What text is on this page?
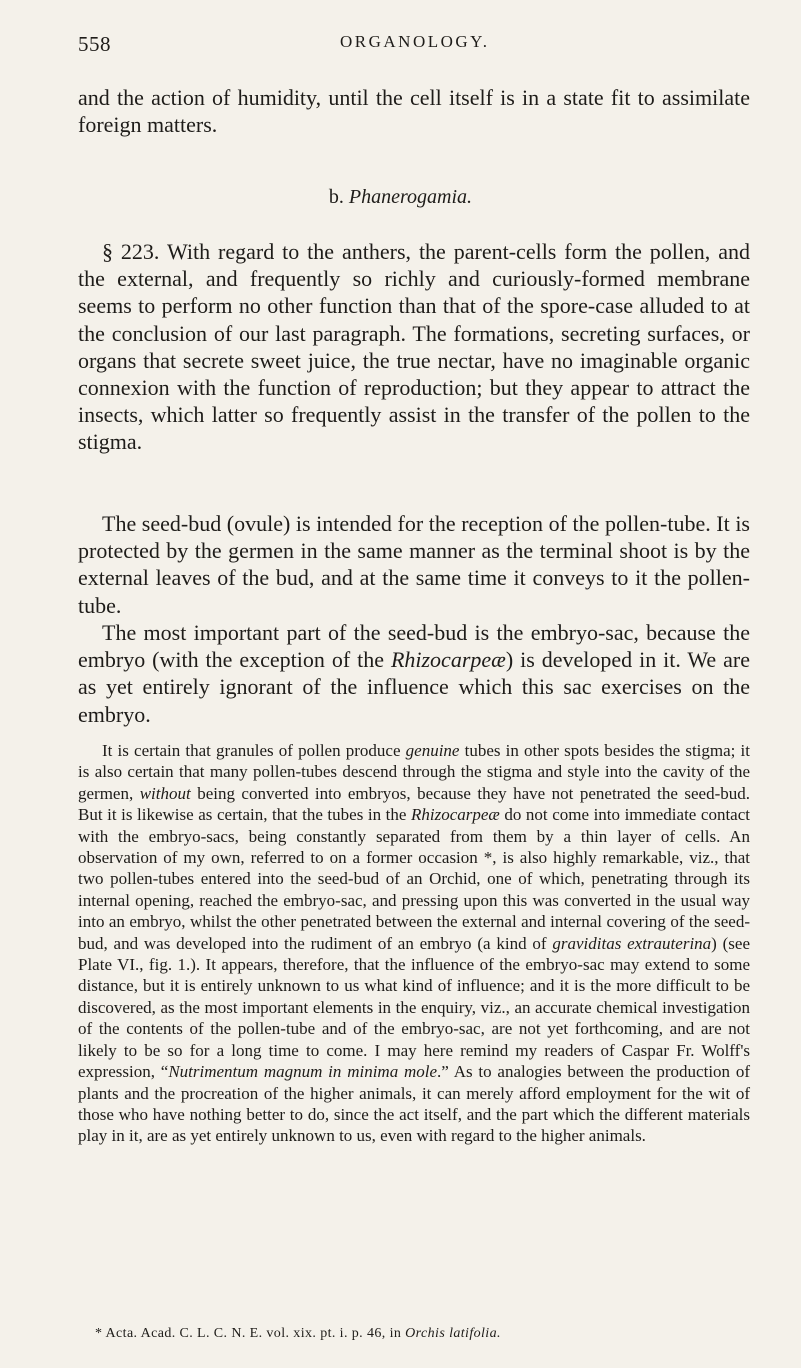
558	ORGANOLOGY.

and the action of humidity, until the cell itself is in a state fit to assimilate foreign matters.

b. Phanerogamia.

§ 223. With regard to the anthers, the parent-cells form the pollen, and the external, and frequently so richly and curiously-formed membrane seems to perform no other function than that of the spore-case alluded to at the conclusion of our last paragraph. The formations, secreting surfaces, or organs that secrete sweet juice, the true nectar, have no imaginable organic connexion with the function of reproduction; but they appear to attract the insects, which latter so frequently assist in the transfer of the pollen to the stigma.

The seed-bud (ovule) is intended for the reception of the pollen-tube. It is protected by the germen in the same manner as the terminal shoot is by the external leaves of the bud, and at the same time it conveys to it the pollen-tube.

The most important part of the seed-bud is the embryo-sac, because the embryo (with the exception of the Rhizocarpeæ) is developed in it. We are as yet entirely ignorant of the influence which this sac exercises on the embryo.

It is certain that granules of pollen produce genuine tubes in other spots besides the stigma; it is also certain that many pollen-tubes descend through the stigma and style into the cavity of the germen, without being converted into embryos, because they have not penetrated the seed-bud. But it is likewise as certain, that the tubes in the Rhizocarpeæ do not come into immediate contact with the embryo-sacs, being constantly separated from them by a thin layer of cells. An observation of my own, referred to on a former occasion *, is also highly remarkable, viz., that two pollen-tubes entered into the seed-bud of an Orchid, one of which, penetrating through its internal opening, reached the embryo-sac, and pressing upon this was converted in the usual way into an embryo, whilst the other penetrated between the external and internal covering of the seed-bud, and was developed into the rudiment of an embryo (a kind of graviditas extrauterina) (see Plate VI., fig. 1.). It appears, therefore, that the influence of the embryo-sac may extend to some distance, but it is entirely unknown to us what kind of influence; and it is the more difficult to be discovered, as the most important elements in the enquiry, viz., an accurate chemical investigation of the contents of the pollen-tube and of the embryo-sac, are not yet forthcoming, and are not likely to be so for a long time to come. I may here remind my readers of Caspar Fr. Wolff's expression, “Nutrimentum magnum in minima mole.” As to analogies between the production of plants and the procreation of the higher animals, it can merely afford employment for the wit of those who have nothing better to do, since the act itself, and the part which the different materials play in it, are as yet entirely unknown to us, even with regard to the higher animals.

* Acta. Acad. C. L. C. N. E. vol. xix. pt. i. p. 46, in Orchis latifolia.
